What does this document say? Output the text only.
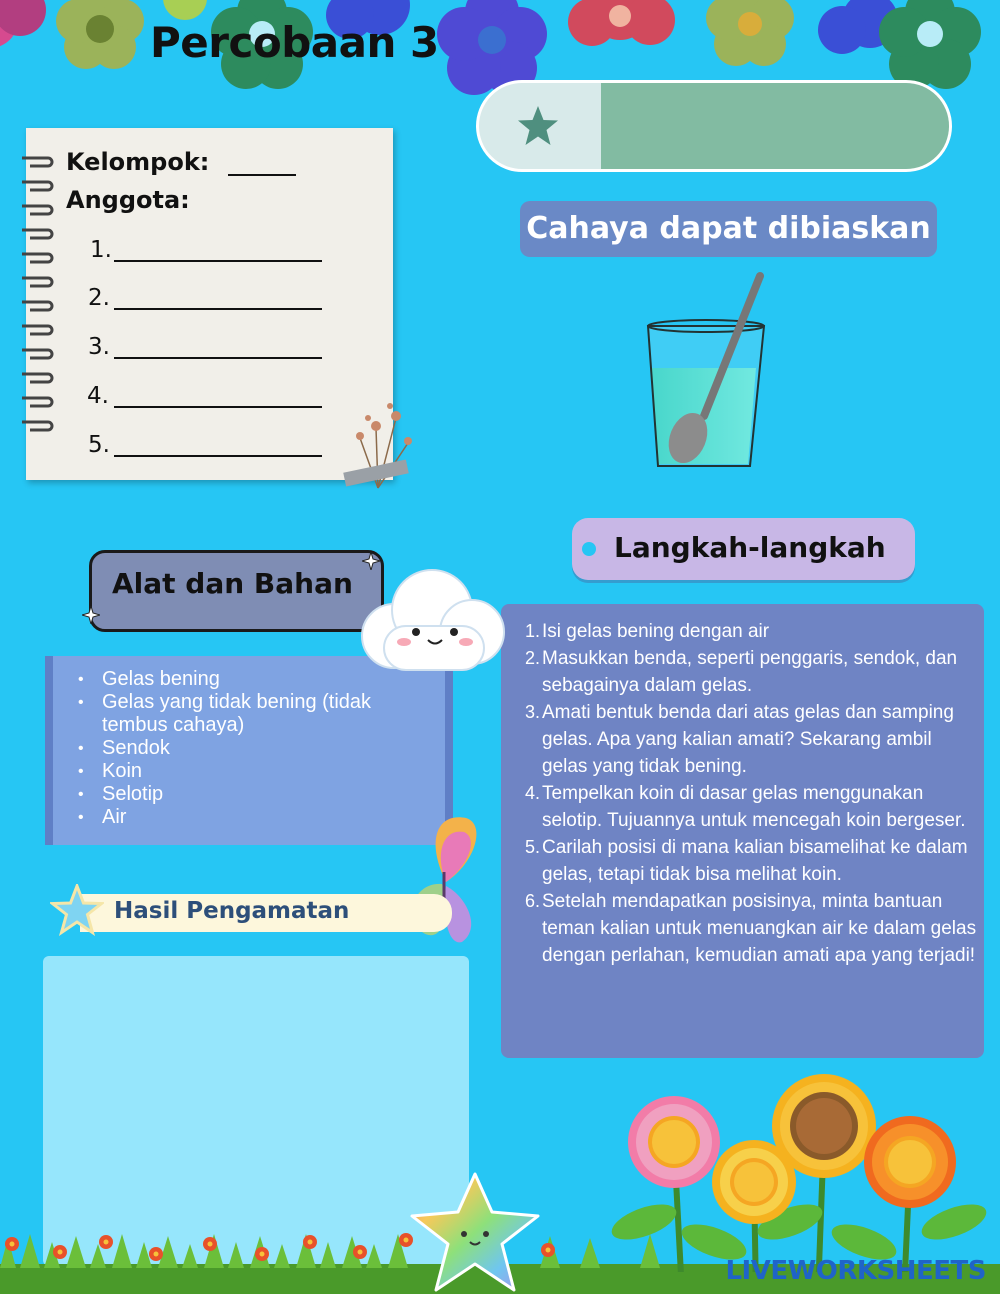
Kelompok:
Anggota:
1.
2.
3.
4.
5.
Percobaan 3
Cahaya dapat dibiaskan
Langkah-langkah
1. Isi gelas bening dengan air
2. Masukkan benda, seperti penggaris, sendok, dan sebagainya dalam gelas.
3. Amati bentuk benda dari atas gelas dan samping gelas. Apa yang kalian amati? Sekarang ambil gelas yang tidak bening.
4. Tempelkan koin di dasar gelas menggunakan selotip. Tujuannya untuk mencegah koin bergeser.
5. Carilah posisi di mana kalian bisamelihat ke dalam gelas, tetapi tidak bisa melihat koin.
6. Setelah mendapatkan posisinya, minta bantuan teman kalian untuk menuangkan air ke dalam gelas dengan perlahan, kemudian amati apa yang terjadi!
Alat dan Bahan
• Gelas bening
• Gelas yang tidak bening (tidak tembus cahaya)
• Sendok
• Koin
• Selotip
• Air
Hasil Pengamatan
LIVEWORKSHEETS
